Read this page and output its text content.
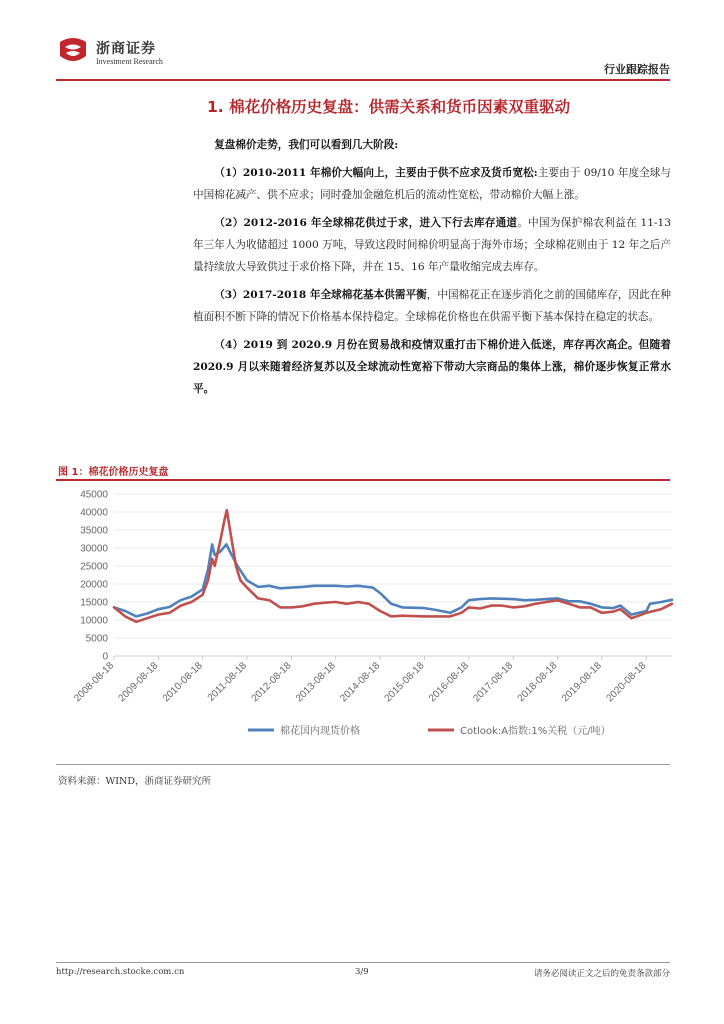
浙商证券
Investment Research
行业跟踪报告
1. 棉花价格历史复盘：供需关系和货币因素双重驱动

复盘棉价走势，我们可以看到几大阶段:

（1）2010-2011 年棉价大幅向上，主要由于供不应求及货币宽松:主要由于 09/10 年度全球与中国棉花减产、供不应求；同时叠加金融危机后的流动性宽松，带动棉价大幅上涨。

（2）2012-2016 年全球棉花供过于求，进入下行去库存通道。中国为保护棉农利益在 11-13 年三年人为收储超过 1000 万吨，导致这段时间棉价明显高于海外市场；全球棉花则由于 12 年之后产量持续放大导致供过于求价格下降，并在 15、16 年产量收缩完成去库存。

（3）2017-2018 年全球棉花基本供需平衡，中国棉花正在逐步消化之前的国储库存，因此在种植面积不断下降的情况下价格基本保持稳定。全球棉花价格也在供需平衡下基本保持在稳定的状态。

（4）2019 到 2020.9 月份在贸易战和疫情双重打击下棉价进入低迷，库存再次高企。但随着 2020.9 月以来随着经济复苏以及全球流动性宽裕下带动大宗商品的集体上涨，棉价逐步恢复正常水平。

图 1：棉花价格历史复盘
0
5000
10000
15000
20000
25000
30000
35000
40000
45000
2008-08-18 2009-08-18 2010-08-18 2011-08-18 2012-08-18 2013-08-18 2014-08-18 2015-08-18 2016-08-18 2017-08-18 2018-08-18 2019-08-18 2020-08-18
棉花国内现货价格	Cotlook:A指数:1%关税（元/吨）
资料来源：WIND，浙商证券研究所
http://research.stocke.com.cn	3/9	请务必阅读正文之后的免责条款部分
